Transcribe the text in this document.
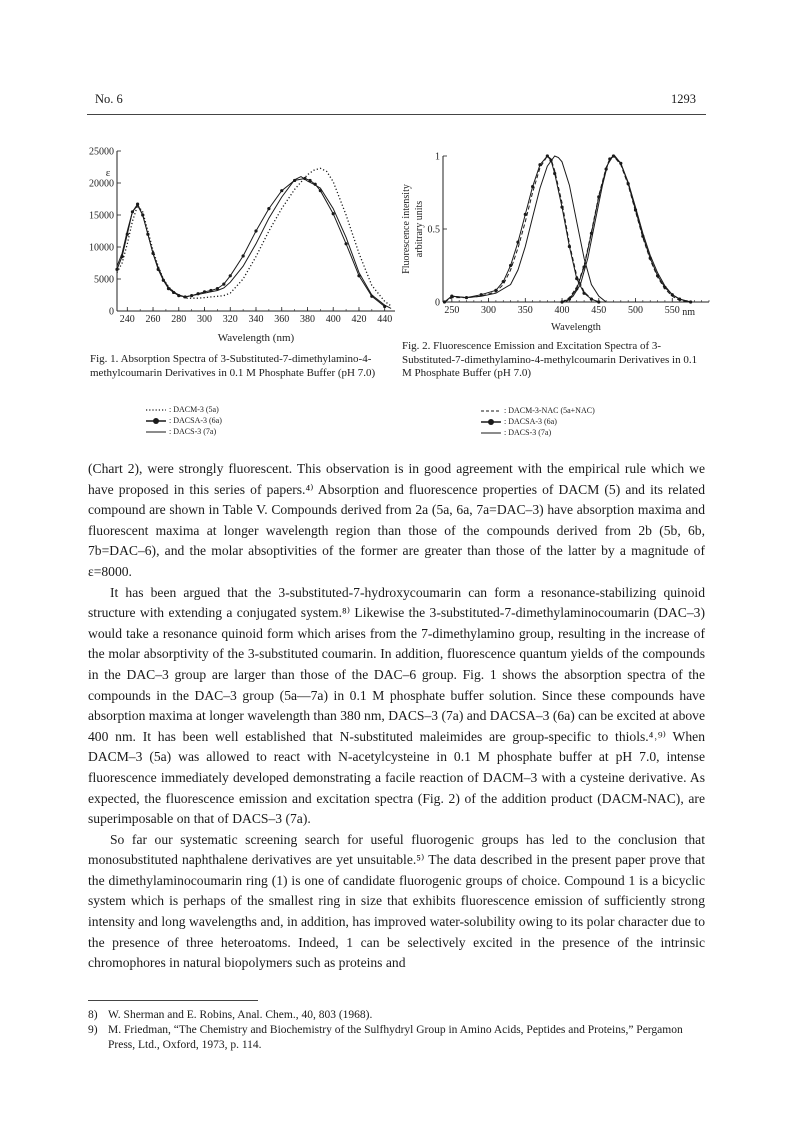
No. 6	1293
240 260 280 300 320 340 360 380 400 420 440
0
5000
10000
15000
20000
25000
ε
Wavelength (nm)
Fig. 1. Absorption Spectra of 3-Substituted-7-dimethylamino-4-methylcoumarin Derivatives in 0.1 M Phosphate Buffer (pH 7.0)
: DACM-3 (5a)
: DACSA-3 (6a)
: DACS-3 (7a)
250 300 350 400 450 500 550
0
0.5
1
Fluorescence intensity arbitrary units
Wavelength
nm
Fig. 2. Fluorescence Emission and Excitation Spectra of 3-Substituted-7-dimethylamino-4-methylcoumarin Derivatives in 0.1 M Phosphate Buffer (pH 7.0)
: DACM-3-NAC (5a+NAC)
: DACSA-3 (6a)
: DACS-3 (7a)

(Chart 2), were strongly fluorescent. This observation is in good agreement with the empirical rule which we have proposed in this series of papers.⁴⁾ Absorption and fluorescence properties of DACM (5) and its related compound are shown in Table V. Compounds derived from 2a (5a, 6a, 7a=DAC–3) have absorption maxima and fluorescent maxima at longer wavelength region than those of the compounds derived from 2b (5b, 6b, 7b=DAC–6), and the molar absoptivities of the former are greater than those of the latter by a magnitude of ε=8000.

It has been argued that the 3-substituted-7-hydroxycoumarin can form a resonance-stabilizing quinoid structure with extending a conjugated system.⁸⁾ Likewise the 3-substituted-7-dimethylaminocoumarin (DAC–3) would take a resonance quinoid form which arises from the 7-dimethylamino group, resulting in the increase of the molar absorptivity of the 3-substituted coumarin. In addition, fluorescence quantum yields of the compounds in the DAC–3 group are larger than those of the DAC–6 group. Fig. 1 shows the absorption spectra of the compounds in the DAC–3 group (5a—7a) in 0.1 M phosphate buffer solution. Since these compounds have absorption maxima at longer wavelength than 380 nm, DACS–3 (7a) and DACSA–3 (6a) can be excited at above 400 nm. It has been well established that N-substituted maleimides are group-specific to thiols.⁴˒⁹⁾ When DACM–3 (5a) was allowed to react with N-acetylcysteine in 0.1 M phosphate buffer at pH 7.0, intense fluorescence immediately developed demonstrating a facile reaction of DACM–3 with a cysteine derivative. As expected, the fluorescence emission and excitation spectra (Fig. 2) of the addition product (DACM-NAC), are superimposable on that of DACS–3 (7a).

So far our systematic screening search for useful fluorogenic groups has led to the conclusion that monosubstituted naphthalene derivatives are yet unsuitable.⁵⁾ The data described in the present paper prove that the dimethylaminocoumarin ring (1) is one of candidate fluorogenic groups of choice. Compound 1 is a bicyclic system which is perhaps of the smallest ring in size that exhibits fluorescence emission of sufficiently strong intensity and long wavelengths and, in addition, has improved water-solubility owing to its polar character due to the presence of three heteroatoms. Indeed, 1 can be selectively excited in the presence of the intrinsic chromophores in natural biopolymers such as proteins and

8) W. Sherman and E. Robins, Anal. Chem., 40, 803 (1968).
9) M. Friedman, “The Chemistry and Biochemistry of the Sulfhydryl Group in Amino Acids, Peptides and Proteins,” Pergamon Press, Ltd., Oxford, 1973, p. 114.
